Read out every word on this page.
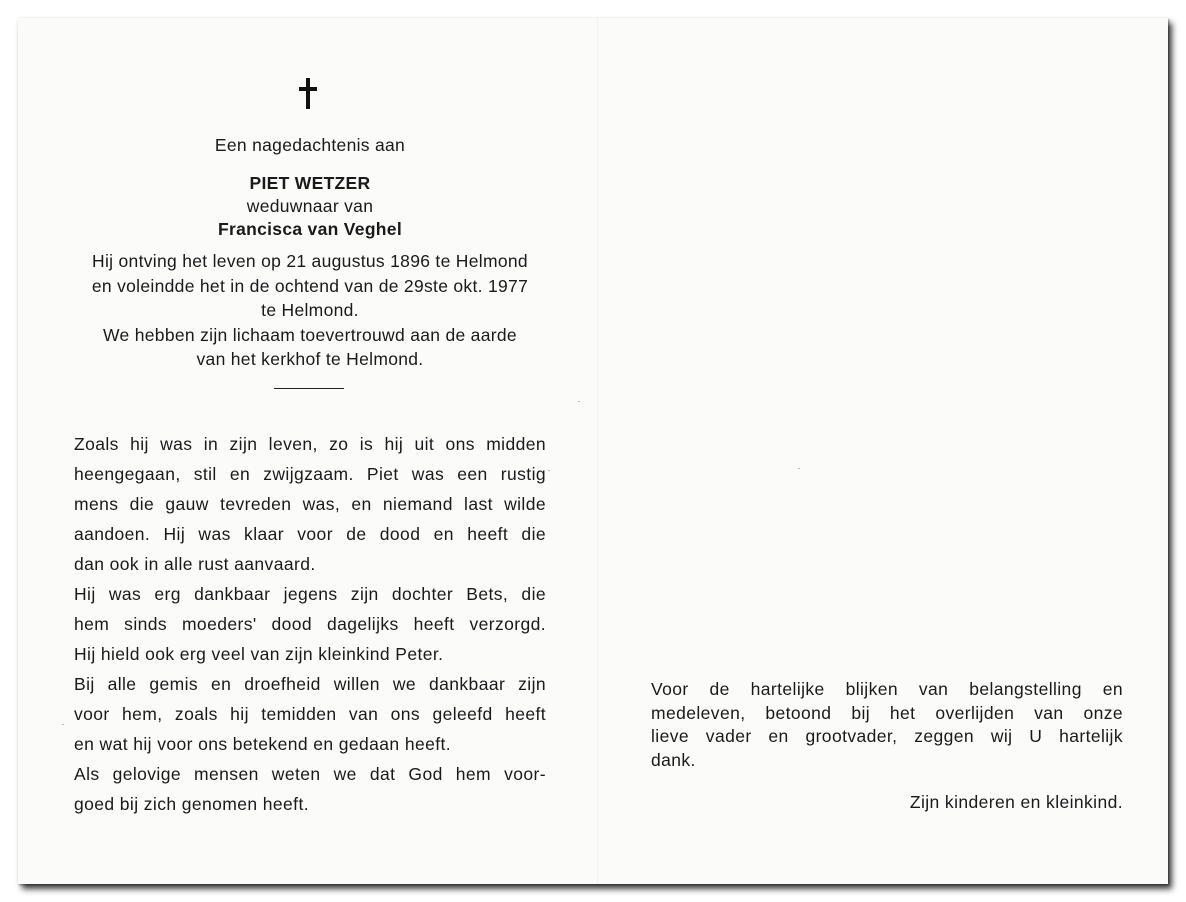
Een nagedachtenis aan
PIET WETZER
weduwnaar van
Francisca van Veghel
Hij ontving het leven op 21 augustus 1896 te Helmond
en voleindde het in de ochtend van de 29ste okt. 1977
te Helmond.
We hebben zijn lichaam toevertrouwd aan de aarde
van het kerkhof te Helmond.
Zoals hij was in zijn leven, zo is hij uit ons midden
heengegaan, stil en zwijgzaam. Piet was een rustig
mens die gauw tevreden was, en niemand last wilde
aandoen. Hij was klaar voor de dood en heeft die
dan ook in alle rust aanvaard.
Hij was erg dankbaar jegens zijn dochter Bets, die
hem sinds moeders' dood dagelijks heeft verzorgd.
Hij hield ook erg veel van zijn kleinkind Peter.
Bij alle gemis en droefheid willen we dankbaar zijn
voor hem, zoals hij temidden van ons geleefd heeft
en wat hij voor ons betekend en gedaan heeft.
Als gelovige mensen weten we dat God hem voor-
goed bij zich genomen heeft.
Voor de hartelijke blijken van belangstelling en
medeleven, betoond bij het overlijden van onze
lieve vader en grootvader, zeggen wij U hartelijk
dank.
Zijn kinderen en kleinkind.
